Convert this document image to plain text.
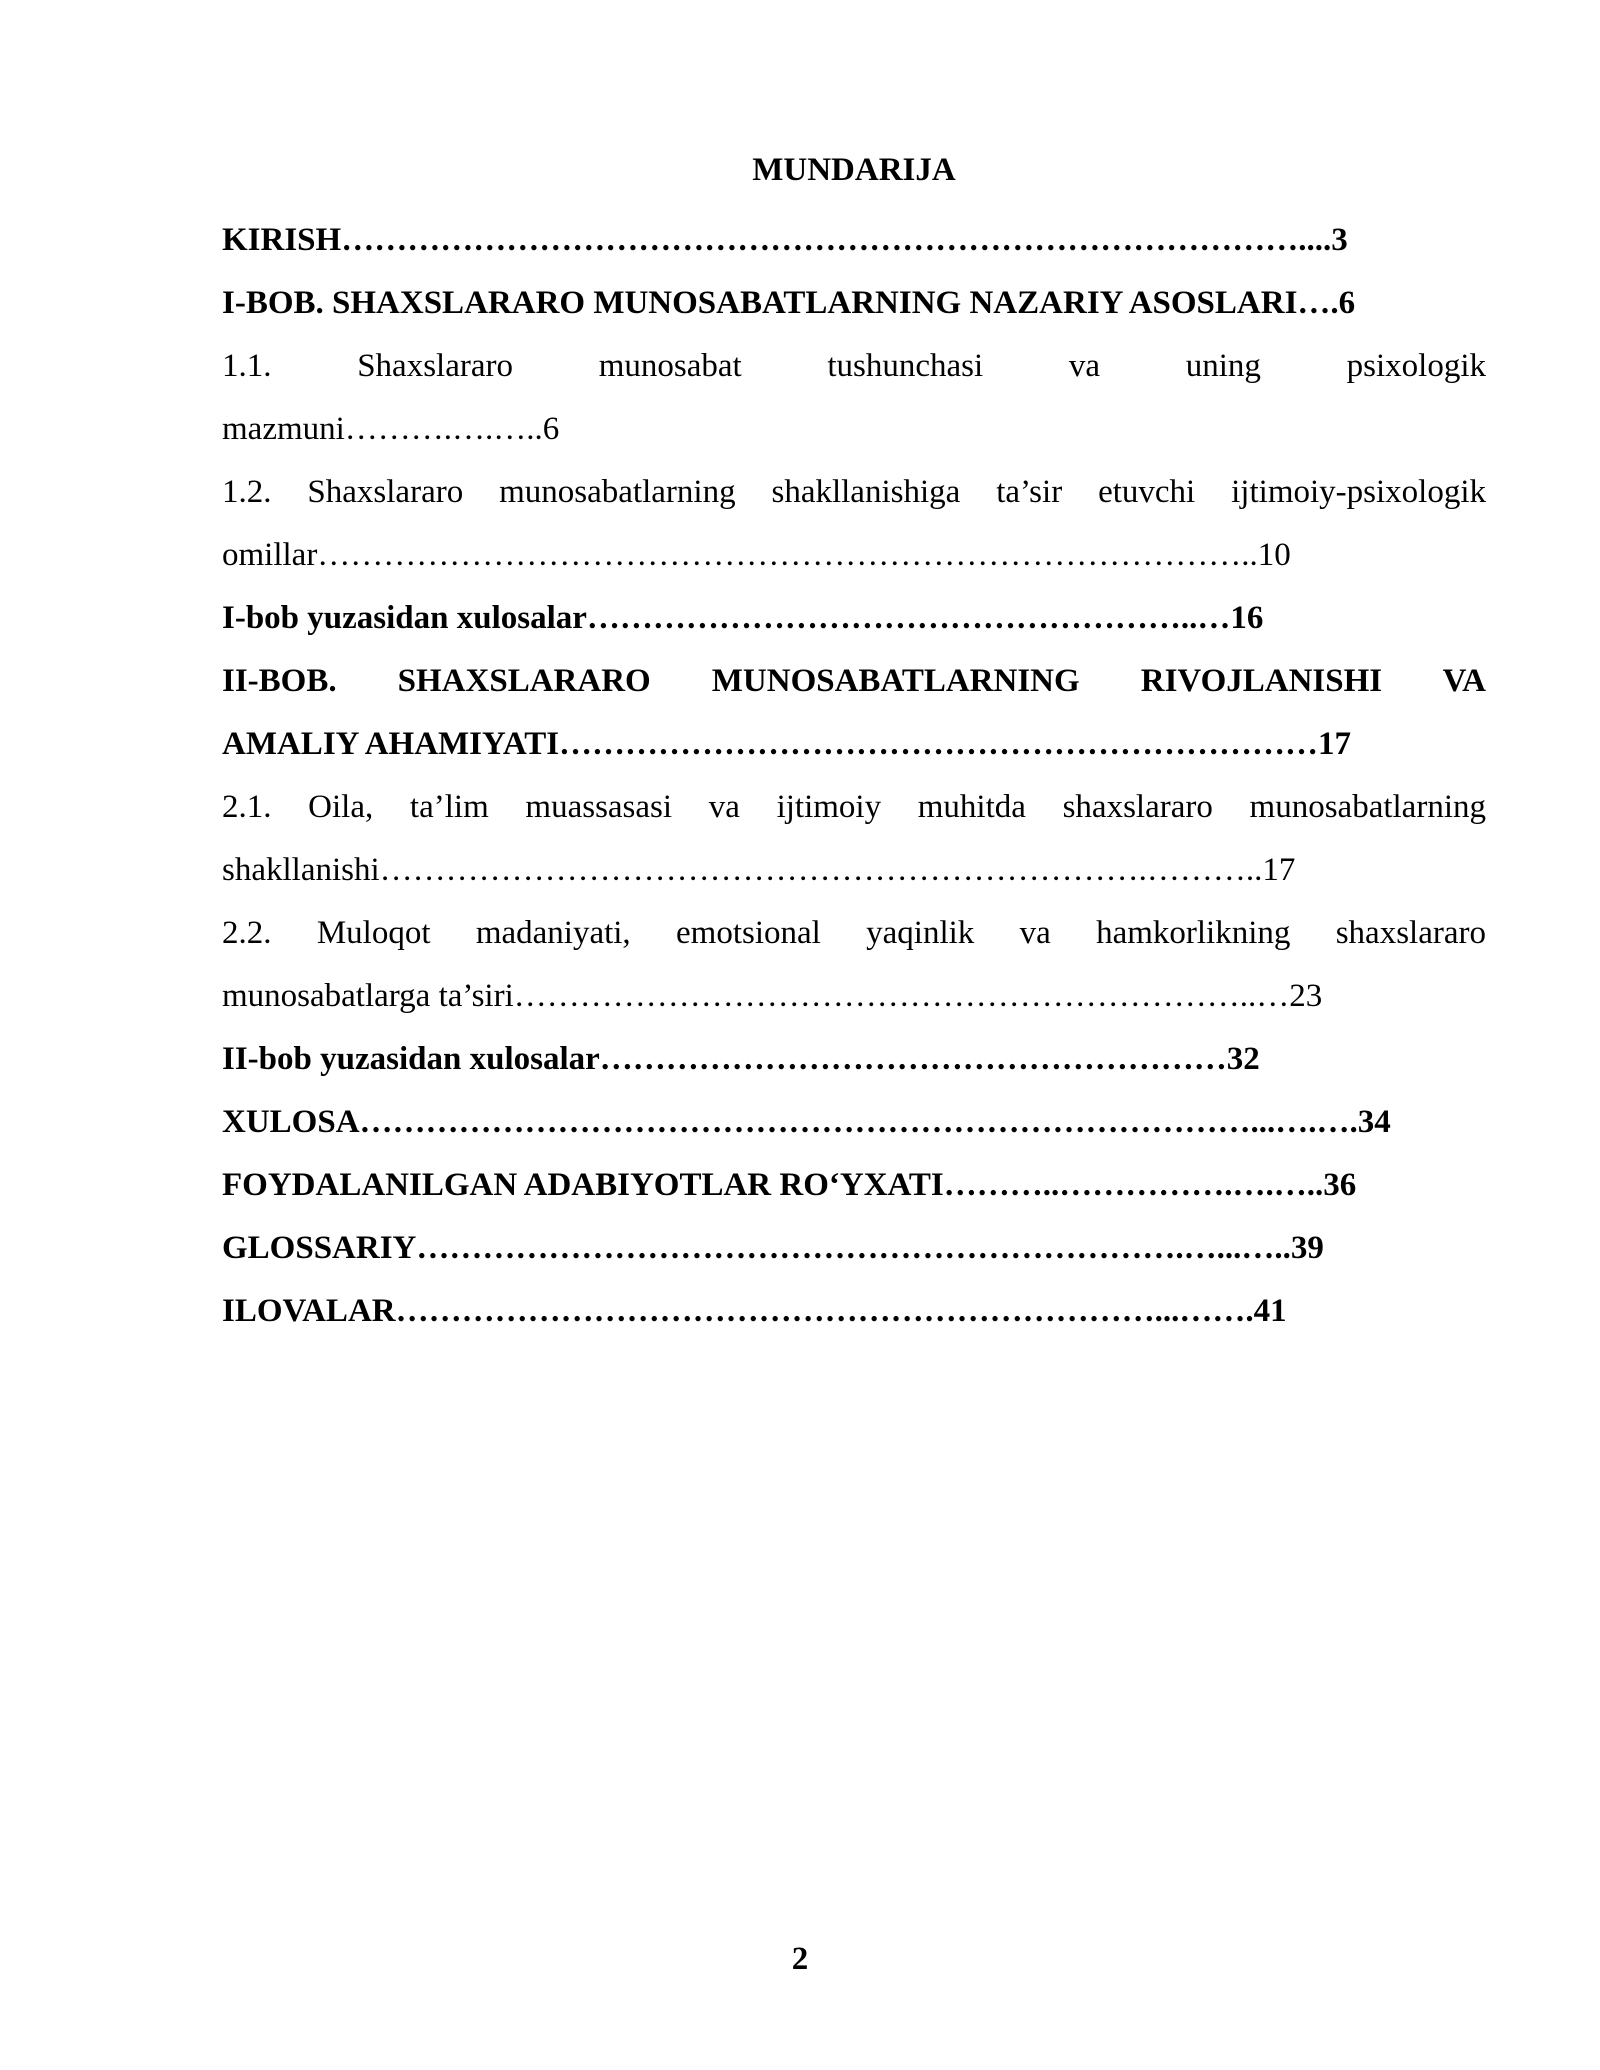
MUNDARIJA
KIRISH……………………………………………………………………………....3
I-BOB. SHAXSLARARO MUNOSABATLARNING NAZARIY ASOSLARI….6
1.1. Shaxslararo munosabat tushunchasi va uning psixologik
mazmuni……….….…..6
1.2. Shaxslararo munosabatlarning shakllanishiga ta’sir etuvchi ijtimoiy-psixologik
omillar…………………………………………………………………………..10
I-bob yuzasidan xulosalar………………………………………………..…16
II-BOB. SHAXSLARARO MUNOSABATLARNING RIVOJLANISHI VA
AMALIY AHAMIYATI……………………………………………………………17
2.1. Oila, ta’lim muassasasi va ijtimoiy muhitda shaxslararo munosabatlarning
shakllanishi…………………………………………………………….………..17
2.2. Muloqot madaniyati, emotsional yaqinlik va hamkorlikning shaxslararo
munosabatlarga ta’siri…………………………………………………………..…23
II-bob yuzasidan xulosalar…………………………………………………32
XULOSA………………………………………………………………………...….….34
FOYDALANILGAN ADABIYOTLAR RO‘YXATI………..…………….….…..36
GLOSSARIY…………………………………………………………….…...…..39
ILOVALAR……………………………………………………………...…….41
2
